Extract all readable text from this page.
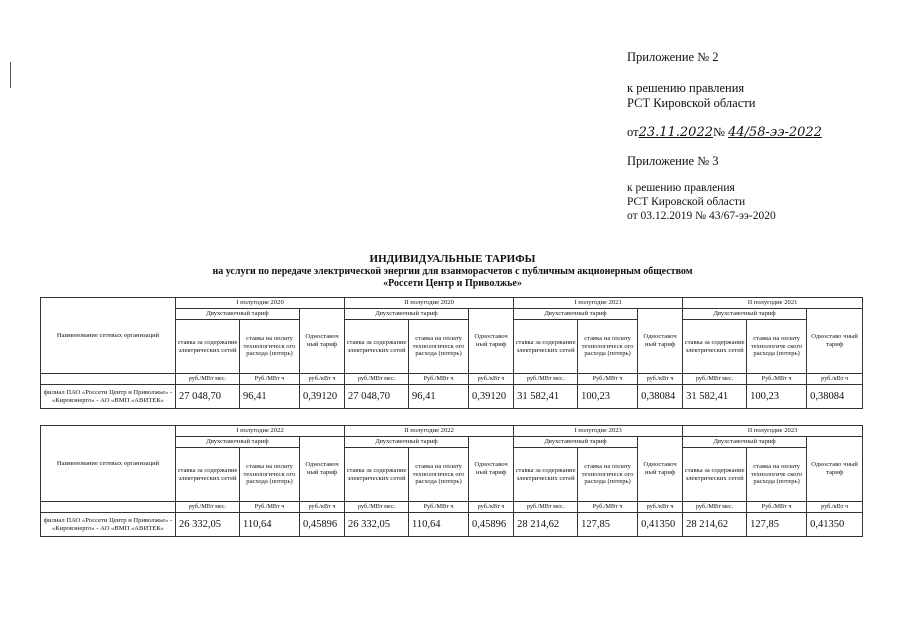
Приложение № 2
к решению правления
РСТ Кировской области
от23.11.2022№ 44/58-ээ-2022
Приложение № 3
к решению правления
РСТ Кировской области
от 03.12.2019 № 43/67-ээ-2020
ИНДИВИДУАЛЬНЫЕ ТАРИФЫ
на услуги по передаче электрической энергии для взаиморасчетов с публичным акционерным обществом
«Россети Центр и Приволжье»
Наименование сетевых организаций	I полугодие 2020			II полугодие 2020			I полугодие 2021			II полугодие 2021		
	Двухставочный тариф		Одноставоч ный тариф	Двухставочный тариф		Одноставоч ный тариф	Двухставочный тариф		Одноставоч ный тариф	Двухставочный тариф		Одноставо чный тариф
	ставка за содержание электрических сетей	ставка на оплату технологическ ого расхода (потерь)		ставка за содержание электрических сетей	ставка на оплату технологическ ого расхода (потерь)		ставка за содержание электрических сетей	ставка на оплату технологическ ого расхода (потерь)		ставка за содержание электрических сетей	ставка на оплату технологиче ского расхода (потерь)	
	руб./МВт мес.	Руб./МВт ч	руб./кВт ч	руб./МВт мес.	Руб./МВт ч	руб./кВт ч	руб./МВт мес.	Руб./МВт ч	руб./кВт ч	руб./МВт мес.	Руб./МВт ч	руб./кВт ч
филиал ПАО «Россети Центр и Приволжье» - «Кировэнерго» - АО «ВМП «АВИТЕК»	27 048,70	96,41	0,39120	27 048,70	96,41	0,39120	31 582,41	100,23	0,38084	31 582,41	100,23	0,38084
Наименование сетевых организаций	I полугодие 2022			II полугодие 2022			I полугодие 2023			II полугодие 2023		
	Двухставочный тариф		Одноставоч ный тариф	Двухставочный тариф		Одноставоч ный тариф	Двухставочный тариф		Одноставоч ный тариф	Двухставочный тариф		Одноставо чный тариф
	ставка за содержание электрических сетей	ставка на оплату технологическ ого расхода (потерь)		ставка за содержание электрических сетей	ставка на оплату технологическ ого расхода (потерь)		ставка за содержание электрических сетей	ставка на оплату технологическ ого расхода (потерь)		ставка за содержание электрических сетей	ставка на оплату технологиче ского расхода (потерь)	
	руб./МВт мес.	Руб./МВт ч	руб./кВт ч	руб./МВт мес.	Руб./МВт ч	руб./кВт ч	руб./МВт мес.	Руб./МВт ч	руб./кВт ч	руб./МВт мес.	Руб./МВт ч	руб./кВт ч
филиал ПАО «Россети Центр и Приволжье» - «Кировэнерго» - АО «ВМП «АВИТЕК»	26 332,05	110,64	0,45896	26 332,05	110,64	0,45896	28 214,62	127,85	0,41350	28 214,62	127,85	0,41350
